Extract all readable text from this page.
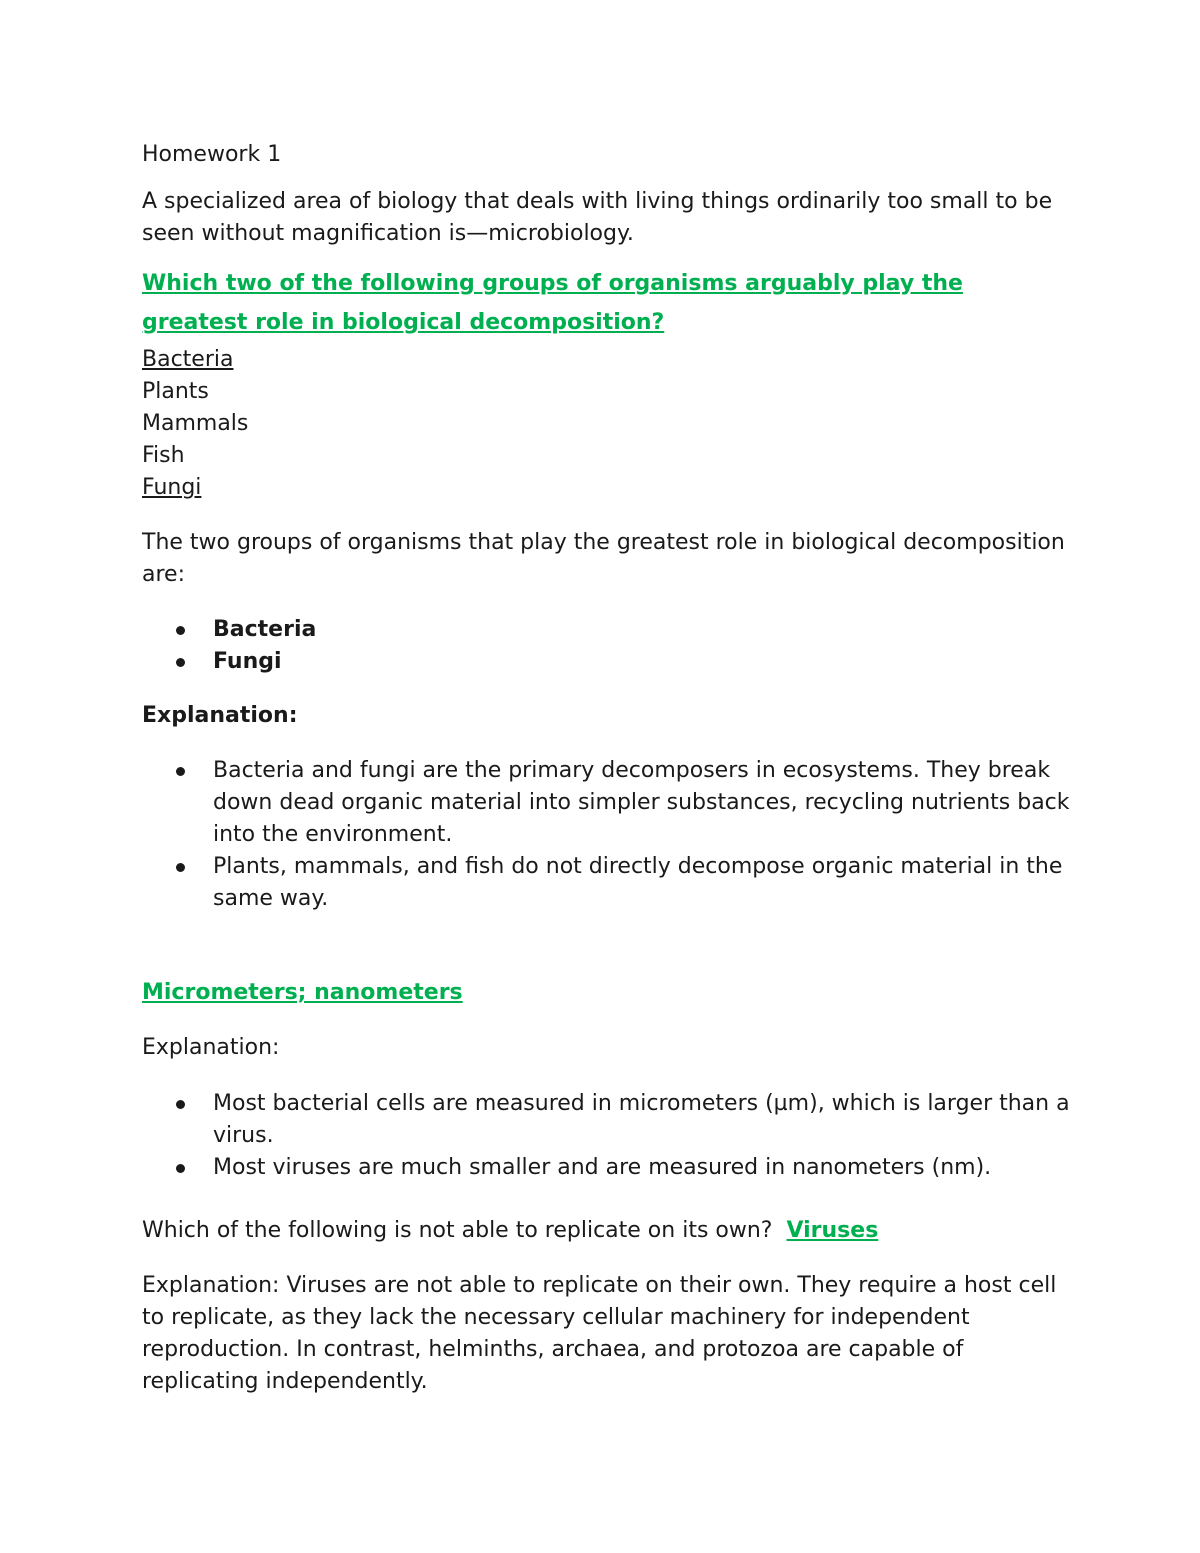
Homework 1

A specialized area of biology that deals with living things ordinarily too small to be seen without magnification is—microbiology.

Which two of the following groups of organisms arguably play the greatest role in biological decomposition?

Bacteria
Plants
Mammals
Fish
Fungi

The two groups of organisms that play the greatest role in biological decomposition are:

Bacteria
Fungi

Explanation:

Bacteria and fungi are the primary decomposers in ecosystems. They break down dead organic material into simpler substances, recycling nutrients back into the environment.
Plants, mammals, and fish do not directly decompose organic material in the same way.

Micrometers; nanometers

Explanation:

Most bacterial cells are measured in micrometers (µm), which is larger than a virus.
Most viruses are much smaller and are measured in nanometers (nm).

Which of the following is not able to replicate on its own? Viruses

Explanation: Viruses are not able to replicate on their own. They require a host cell to replicate, as they lack the necessary cellular machinery for independent reproduction. In contrast, helminths, archaea, and protozoa are capable of replicating independently.
